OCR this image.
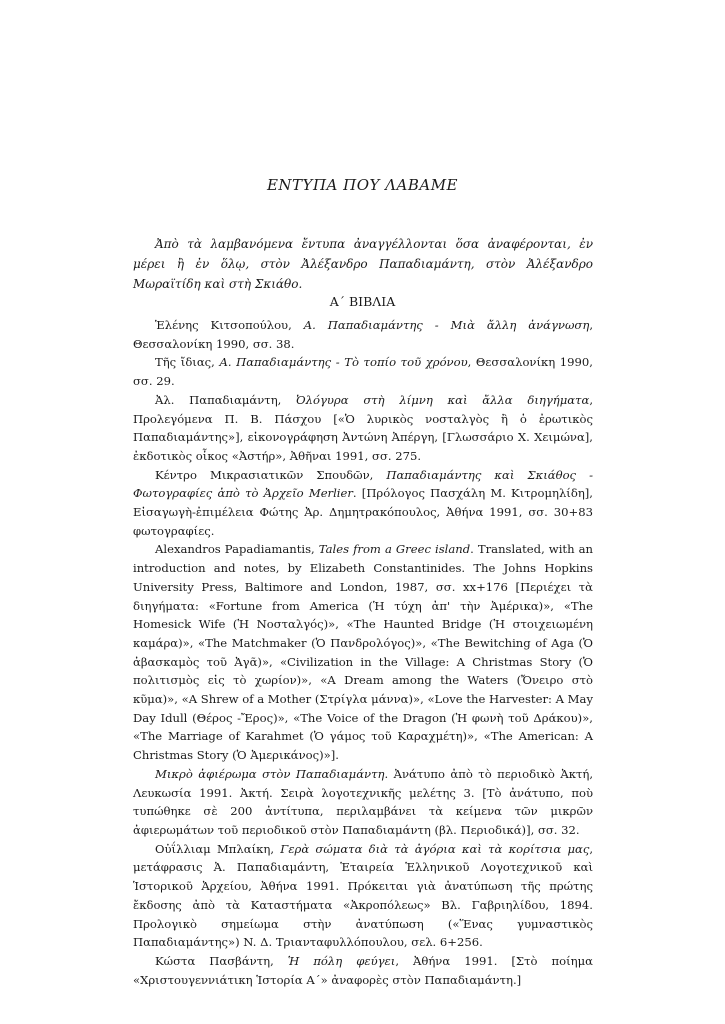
ΕΝΤΥΠΑ ΠΟΥ ΛΑΒΑΜΕ

Ἀπὸ τὰ λαμβανόμενα ἔντυπα ἀναγγέλλονται ὅσα ἀναφέρονται, ἐν μέρει ἢ ἐν ὅλῳ, στὸν Ἀλέξανδρο Παπαδιαμάντη, στὸν Ἀλέξανδρο Μωραϊτίδη καὶ στὴ Σκιάθο.

Α΄ ΒΙΒΛΙΑ

Ἑλένης Κιτσοπούλου, Α. Παπαδιαμάντης - Μιὰ ἄλλη ἀνάγνωση, Θεσσαλονίκη 1990, σσ. 38.

Τῆς ἴδιας, Α. Παπαδιαμάντης - Τὸ τοπίο τοῦ χρόνου, Θεσσαλονίκη 1990, σσ. 29.

Ἀλ. Παπαδιαμάντη, Ὀλόγυρα στὴ λίμνη καὶ ἄλλα διηγήματα, Προλεγόμενα Π. Β. Πάσχου [«Ὁ λυρικὸς νοσταλγὸς ἢ ὁ ἐρωτικὸς Παπαδιαμάντης»], εἰκονογράφηση Ἀντώνη Ἀπέργη, [Γλωσσάριο Χ. Χειμώνα], ἐκδοτικὸς οἶκος «Ἀστήρ», Ἀθῆναι 1991, σσ. 275.

Κέντρο Μικρασιατικῶν Σπουδῶν, Παπαδιαμάντης καὶ Σκιάθος - Φωτογραφίες ἀπὸ τὸ Ἀρχεῖο Merlier. [Πρόλογος Πασχάλη Μ. Κιτρομηλίδη], Εἰσαγωγὴ-ἐπιμέλεια Φώτης Ἀρ. Δημητρακόπουλος, Ἀθήνα 1991, σσ. 30+83 φωτογραφίες.

Alexandros Papadiamantis, Tales from a Greec island. Translated, with an introduction and notes, by Elizabeth Constantinides. The Johns Hopkins University Press, Baltimore and London, 1987, σσ. xx+176 [Περιέχει τὰ διηγήματα: «Fortune from America (Ἡ τύχη ἀπ' τὴν Ἀμέρικα)», «The Homesick Wife (Ἡ Νοσταλγός)», «The Haunted Bridge (Ἡ στοιχειωμένη καμάρα)», «The Matchmaker (Ὁ Πανδρολόγος)», «The Bewitching of Aga (Ὁ ἀβασκαμὸς τοῦ Ἀγᾶ)», «Civilization in the Village: A Christmas Story (Ὁ πολιτισμὸς εἰς τὸ χωρίον)», «A Dream among the Waters (Ὄνειρο στὸ κῦμα)», «A Shrew of a Mother (Στρίγλα μάννα)», «Love the Harvester: A May Day Idull (Θέρος -Ἔρος)», «The Voice of the Dragon (Ἡ φωνὴ τοῦ Δράκου)», «The Marriage of Karahmet (Ὁ γάμος τοῦ Καραχμέτη)», «The American: A Christmas Story (Ὁ Ἀμερικάνος)»].

Μικρὸ ἀφιέρωμα στὸν Παπαδιαμάντη. Ἀνάτυπο ἀπὸ τὸ περιοδικὸ Ἀκτή, Λευκωσία 1991. Ἀκτή. Σειρὰ λογοτεχνικῆς μελέτης 3. [Τὸ ἀνάτυπο, ποὺ τυπώθηκε σὲ 200 ἀντίτυπα, περιλαμβάνει τὰ κείμενα τῶν μικρῶν ἀφιερωμάτων τοῦ περιοδικοῦ στὸν Παπαδιαμάντη (βλ. Περιοδικά)], σσ. 32.

Οὐΐλλιαμ Μπλαίκη, Γερὰ σώματα διὰ τὰ ἀγόρια καὶ τὰ κορίτσια μας, μετάφρασις Ἀ. Παπαδιαμάντη, Ἑταιρεία Ἑλληνικοῦ Λογοτεχνικοῦ καὶ Ἱστορικοῦ Ἀρχείου, Ἀθήνα 1991. Πρόκειται γιὰ ἀνατύπωση τῆς πρώτης ἔκδοσης ἀπὸ τὰ Καταστήματα «Ἀκροπόλεως» Βλ. Γαβριηλίδου, 1894. Προλογικὸ σημείωμα στὴν ἀνατύπωση («Ἕνας γυμναστικὸς Παπαδιαμάντης») N. Δ. Τριανταφυλλόπουλου, σελ. 6+256.

Κώστα Πασβάντη, Ἡ πόλη φεύγει, Ἀθήνα 1991. [Στὸ ποίημα «Χριστουγεννιάτικη Ἱστορία Α΄» ἀναφορὲς στὸν Παπαδιαμάντη.]
